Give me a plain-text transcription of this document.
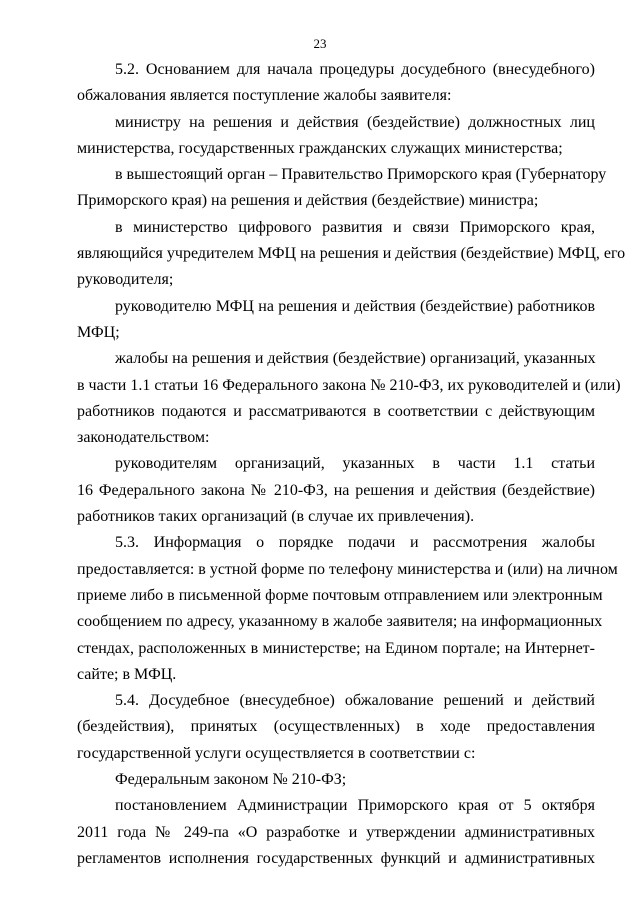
23
5.2. Основанием для начала процедуры досудебного (внесудебного)
обжалования является поступление жалобы заявителя:
министру на решения и действия (бездействие) должностных лиц
министерства, государственных гражданских служащих министерства;
в вышестоящий орган – Правительство Приморского края (Губернатору
Приморского края) на решения и действия (бездействие) министра;
в министерство цифрового развития и связи Приморского края,
являющийся учредителем МФЦ на решения и действия (бездействие) МФЦ, его
руководителя;
руководителю МФЦ на решения и действия (бездействие) работников
МФЦ;
жалобы на решения и действия (бездействие) организаций, указанных
в части 1.1 статьи 16 Федерального закона № 210-ФЗ, их руководителей и (или)
работников подаются и рассматриваются в соответствии с действующим
законодательством:
руководителям организаций, указанных в части 1.1 статьи
16 Федерального закона № 210-ФЗ, на решения и действия (бездействие)
работников таких организаций (в случае их привлечения).
5.3. Информация о порядке подачи и рассмотрения жалобы
предоставляется: в устной форме по телефону министерства и (или) на личном
приеме либо в письменной форме почтовым отправлением или электронным
сообщением по адресу, указанному в жалобе заявителя; на информационных
стендах, расположенных в министерстве; на Едином портале; на Интернет-
сайте; в МФЦ.
5.4. Досудебное (внесудебное) обжалование решений и действий
(бездействия), принятых (осуществленных) в ходе предоставления
государственной услуги осуществляется в соответствии с:
Федеральным законом № 210-ФЗ;
постановлением Администрации Приморского края от 5 октября
2011 года № 249-па «О разработке и утверждении административных
регламентов исполнения государственных функций и административных
